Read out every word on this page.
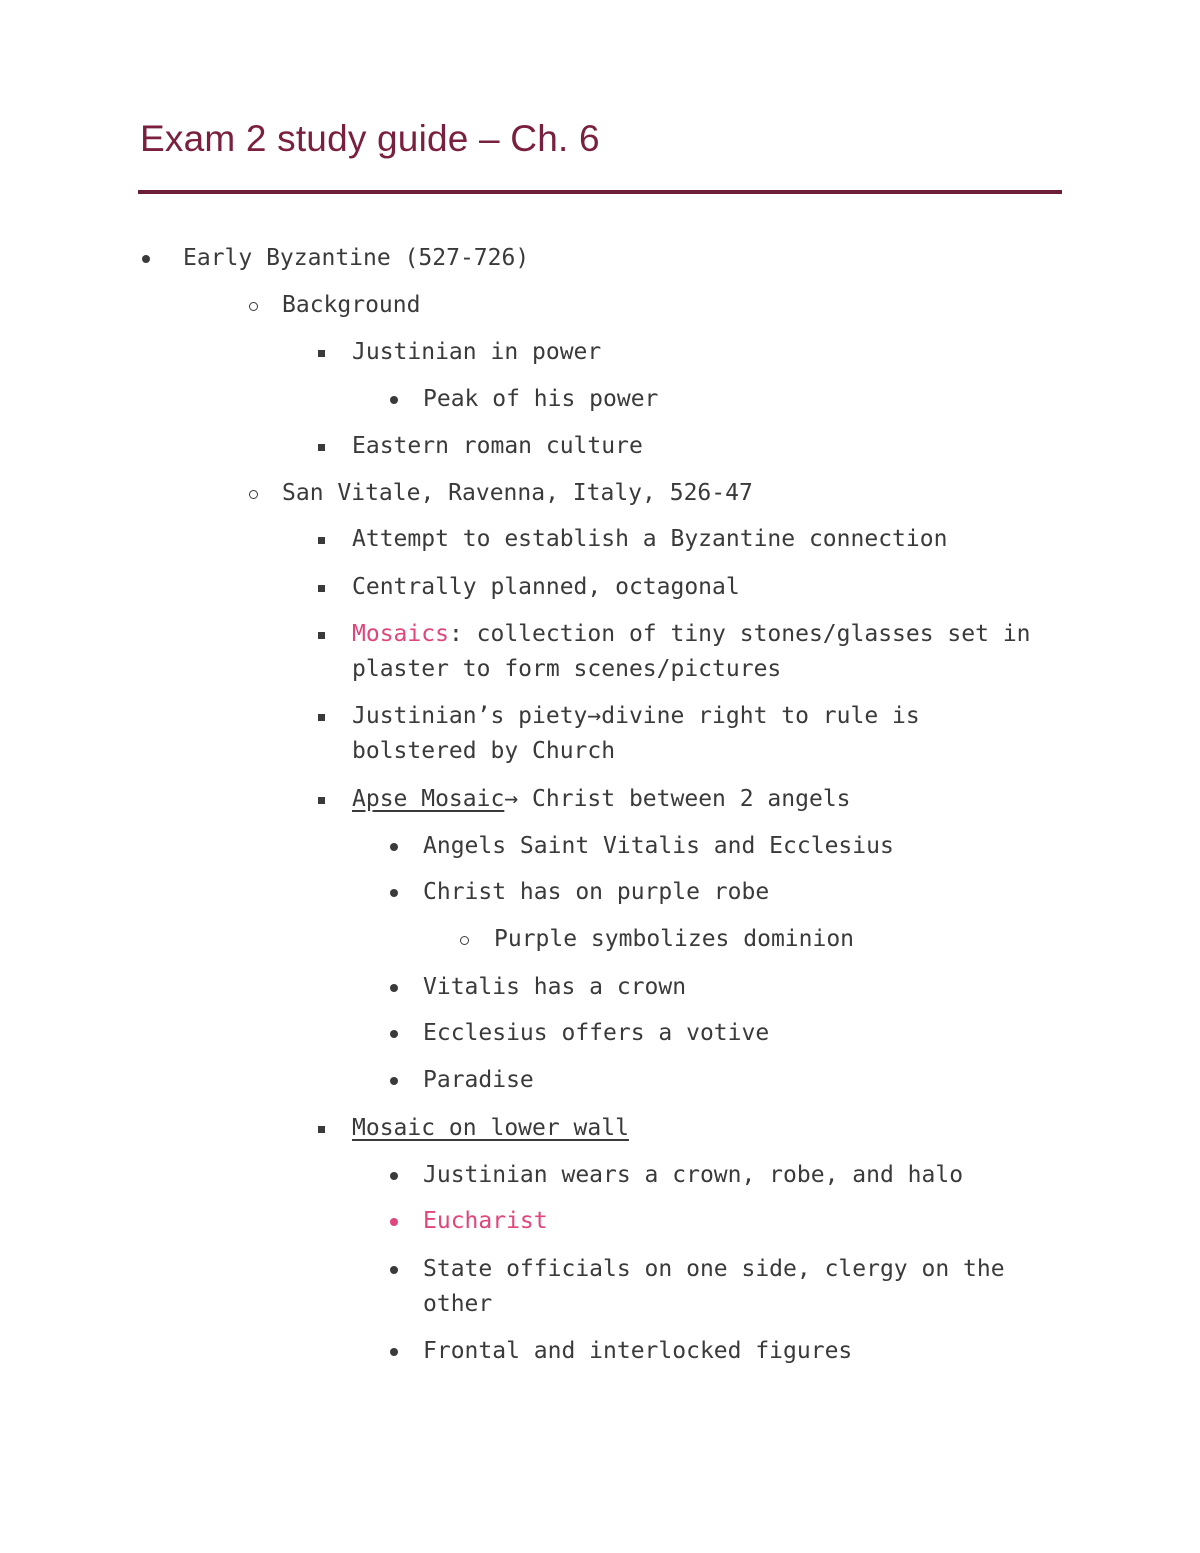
Exam 2 study guide – Ch. 6
Early Byzantine (527-726)
Background
Justinian in power
Peak of his power
Eastern roman culture
San Vitale, Ravenna, Italy, 526-47
Attempt to establish a Byzantine connection
Centrally planned, octagonal
Mosaics: collection of tiny stones/glasses set in
plaster to form scenes/pictures
Justinian’s piety→divine right to rule is
bolstered by Church
Apse Mosaic→ Christ between 2 angels
Angels Saint Vitalis and Ecclesius
Christ has on purple robe
Purple symbolizes dominion
Vitalis has a crown
Ecclesius offers a votive
Paradise
Mosaic on lower wall
Justinian wears a crown, robe, and halo
Eucharist
State officials on one side, clergy on the
other
Frontal and interlocked figures
